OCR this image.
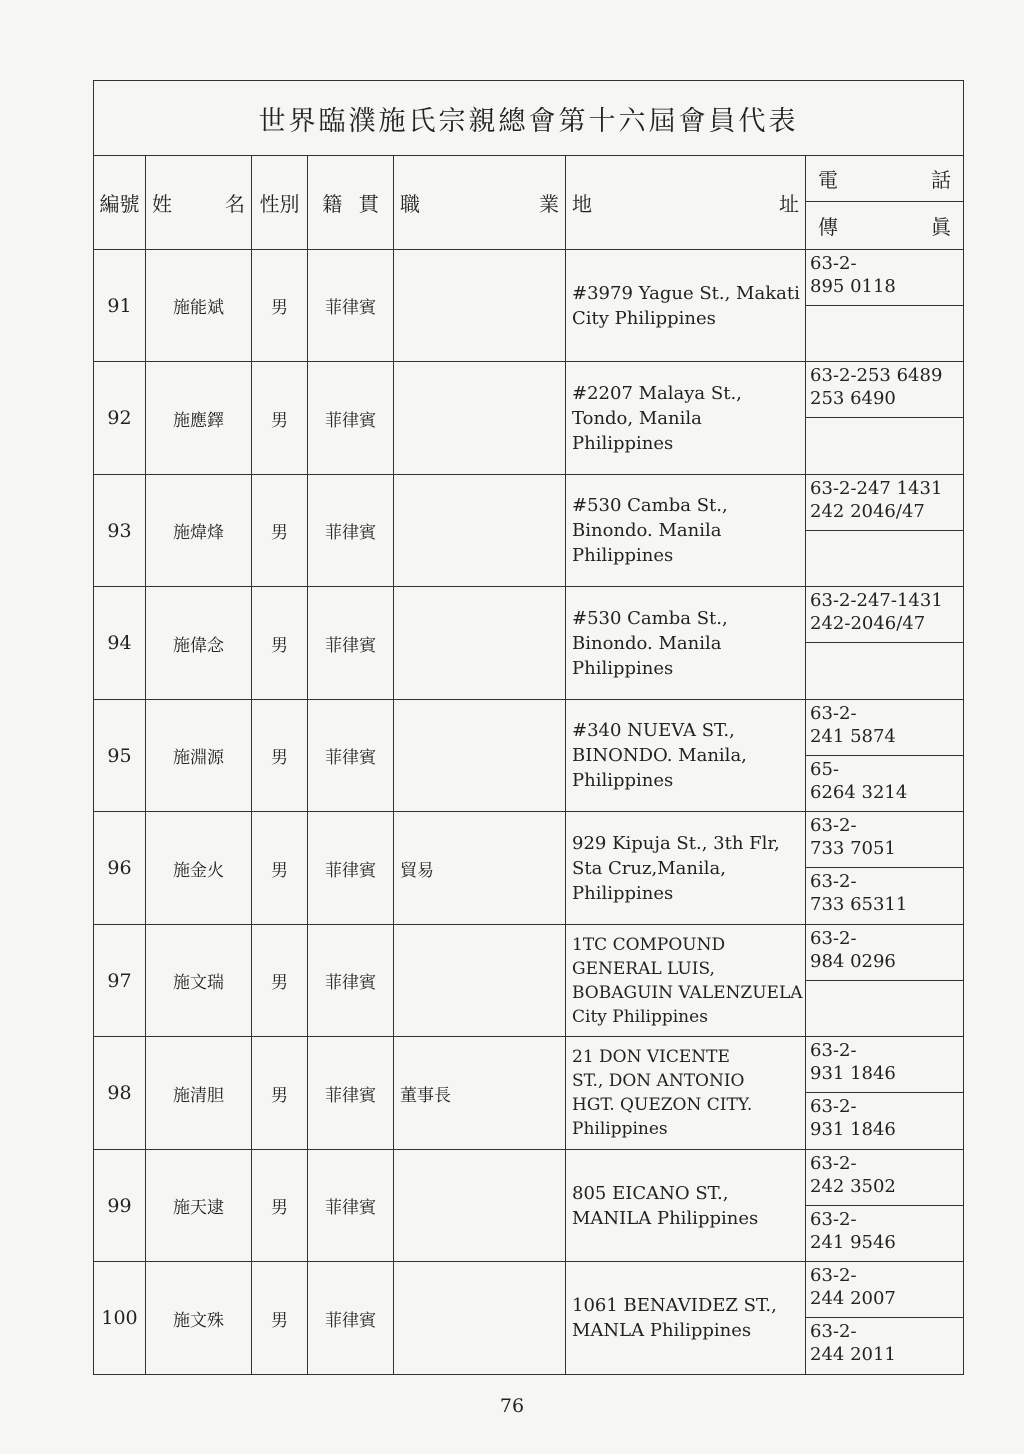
世界臨濮施氏宗親總會第十六屆會員代表						
編號	姓 名	性別	籍 貫	職 業	地 址	電 話

						傳 眞

91	施能斌	男	菲律賓		#3979 Yague St., Makati
City Philippines	63-2-
895 0118

92	施應鐸	男	菲律賓		#2207 Malaya St.,
Tondo, Manila
Philippines	63-2-253 6489
253 6490

93	施煒烽	男	菲律賓		#530 Camba St.,
Binondo. Manila
Philippines	63-2-247 1431
242 2046/47

94	施偉念	男	菲律賓		#530 Camba St.,
Binondo. Manila
Philippines	63-2-247-1431
242-2046/47

95	施淵源	男	菲律賓		#340 NUEVA ST.,
BINONDO. Manila,
Philippines	63-2-
241 5874
						65-
6264 3214
96	施金火	男	菲律賓	貿易	929 Kipuja St., 3th Flr,
Sta Cruz,Manila,
Philippines	63-2-
733 7051
						63-2-
733 65311
97	施文瑞	男	菲律賓		1TC COMPOUND
GENERAL LUIS,
BOBAGUIN VALENZUELA
City Philippines	63-2-
984 0296

98	施清胆	男	菲律賓	董事長	21 DON VICENTE
ST., DON ANTONIO
HGT. QUEZON CITY.
Philippines	63-2-
931 1846
						63-2-
931 1846
99	施天逮	男	菲律賓		805 EICANO ST.,
MANILA Philippines	63-2-
242 3502
						63-2-
241 9546
100	施文殊	男	菲律賓		1061 BENAVIDEZ ST.,
MANLA Philippines	63-2-
244 2007
						63-2-
244 2011
76
